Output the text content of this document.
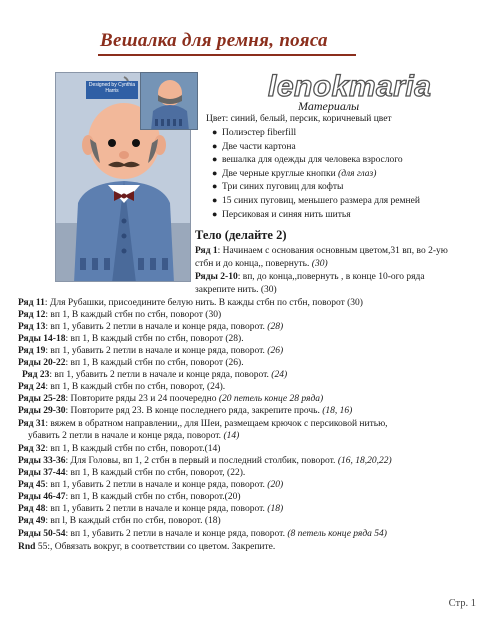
Вешалка для ремня, пояса
Designed by Cynthia Harris	lenokmaria
Материалы
Цвет: синий, белый, персик, коричневый цвет
● Полиэстер fiberfill
● Две части картона
● вешалка для одежды для человека взрослого
● Две черные круглые кнопки (для глаз)
● Три синих пуговиц для кофты
● 15 синих пуговиц, меньшего размера для ремней
● Персиковая и синяя нить шитья
Тело (делайте 2)
Ряд 1: Начинаем с основания основным цветом,31 вп, во 2-ую
стбн и до конца,, повернуть. (30)
Ряды 2-10: вп, до конца,,повернуть , в конце 10-ого ряда
закрепите нить. (30)
Ряд 11: Для Рубашки, присоедините белую нить. В кажды стбн по стбн, поворот (30)
Ряд 12: вп 1, В каждый стбн по стбн, поворот (30)
Ряд 13: вп 1, убавить 2 петли в начале и конце ряда, поворот. (28)
Ряды 14-18: вп 1, В каждый стбн по стбн, поворот (28).
Ряд 19: вп 1, убавить 2 петли в начале и конце ряда, поворот. (26)
Ряды 20-22: вп 1, В каждый стбн по стбн, поворот (26).
Ряд 23: вп 1, убавить 2 петли в начале и конце ряда, поворот. (24)
Ряд 24: вп 1, В каждый стбн по стбн, поворот, (24).
Ряды 25-28: Повторите ряды 23 и 24 поочередно (20 петель конце 28 ряда)
Ряды 29-30: Повторите ряд 23. В конце последнего ряда, закрепите прочь. (18, 16)
Ряд 31: вяжем в обратном направлении,, для Шеи, размещаем крючок с персиковой нитью,
убавить 2 петли в начале и конце ряда, поворот. (14)
Ряд 32: вп 1, В каждый стбн по стбн, поворот.(14)
Ряды 33-36: Для Головы, вп 1, 2 стбн в первый и последний столбик, поворот. (16, 18,20,22)
Ряды 37-44: вп 1, В каждый стбн по стбн, поворот, (22).
Ряд 45: вп 1, убавить 2 петли в начале и конце ряда, поворот. (20)
Ряды 46-47: вп 1, В каждый стбн по стбн, поворот.(20)
Ряд 48: вп 1, убавить 2 петли в начале и конце ряда, поворот. (18)
Ряд 49: вп l, В каждый стбн по стбн, поворот. (18)
Ряды 50-54: вп 1, убавить 2 петли в начале и конце ряда, поворот. (8 петель конце ряда 54)
Rnd 55:, Обвязать вокруг, в соответствии со цветом. Закрепите.
Стр. 1
